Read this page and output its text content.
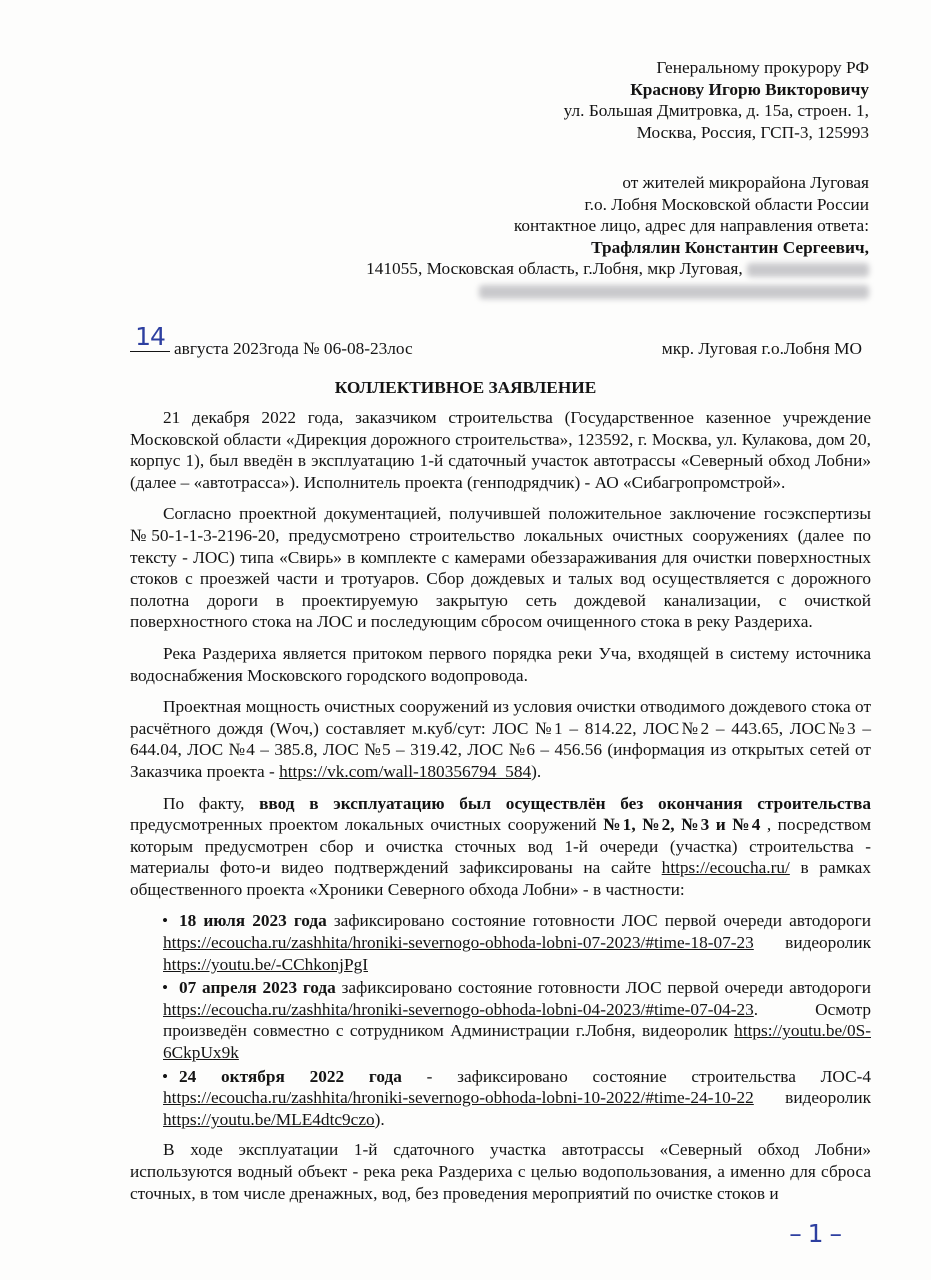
Генеральному прокурору РФ

Краснову Игорю Викторовичу

ул. Большая Дмитровка, д. 15а, строен. 1,

Москва, Россия, ГСП-3, 125993

от жителей микрорайона Луговая

г.о. Лобня Московской области России

контактное лицо, адрес для направления ответа:

Трафлялин Константин Сергеевич,

141055, Московская область, г.Лобня, мкр Луговая,

14 августа 2023года № 06-08-23лос	мкр. Луговая г.о.Лобня МО

КОЛЛЕКТИВНОЕ ЗАЯВЛЕНИЕ

21 декабря 2022 года, заказчиком строительства (Государственное казенное учреждение Московской области «Дирекция дорожного строительства», 123592, г. Москва, ул. Кулакова, дом 20, корпус 1), был введён в эксплуатацию 1-й сдаточный участок автотрассы «Северный обход Лобни» (далее – «автотрасса»). Исполнитель проекта (генподрядчик) - АО «Сибагропромстрой».

Согласно проектной документацией, получившей положительное заключение госэкспертизы №50-1-1-3-2196-20, предусмотрено строительство локальных очистных сооружениях (далее по тексту - ЛОС) типа «Свирь» в комплекте с камерами обеззараживания для очистки поверхностных стоков с проезжей части и тротуаров. Сбор дождевых и талых вод осуществляется с дорожного полотна дороги в проектируемую закрытую сеть дождевой канализации, с очисткой поверхностного стока на ЛОС и последующим сбросом очищенного стока в реку Раздериха.

Река Раздериха является притоком первого порядка реки Уча, входящей в систему источника водоснабжения Московского городского водопровода.

Проектная мощность очистных сооружений из условия очистки отводимого дождевого стока от расчётного дождя (Wоч,) составляет м.куб/сут: ЛОС №1 – 814.22, ЛОС№2 – 443.65, ЛОС№3 – 644.04, ЛОС №4 – 385.8, ЛОС №5 – 319.42, ЛОС №6 – 456.56 (информация из открытых сетей от Заказчика проекта - https://vk.com/wall-180356794_584).

По факту, ввод в эксплуатацию был осуществлён без окончания строительства предусмотренных проектом локальных очистных сооружений №1, №2, №3 и №4 , посредством которым предусмотрен сбор и очистка сточных вод 1-й очереди (участка) строительства - материалы фото-и видео подтверждений зафиксированы на сайте https://ecoucha.ru/ в рамках общественного проекта «Хроники Северного обхода Лобни» - в частности:

• 18 июля 2023 года зафиксировано состояние готовности ЛОС первой очереди автодороги https://ecoucha.ru/zashhita/hroniki-severnogo-obhoda-lobni-07-2023/#time-18-07-23 видеоролик https://youtu.be/-CChkonjPgI
• 07 апреля 2023 года зафиксировано состояние готовности ЛОС первой очереди автодороги https://ecoucha.ru/zashhita/hroniki-severnogo-obhoda-lobni-04-2023/#time-07-04-23. Осмотр произведён совместно с сотрудником Администрации г.Лобня, видеоролик https://youtu.be/0S-6CkpUx9k
• 24 октября 2022 года - зафиксировано состояние строительства ЛОС-4 https://ecoucha.ru/zashhita/hroniki-severnogo-obhoda-lobni-10-2022/#time-24-10-22 видеоролик https://youtu.be/MLE4dtc9czo).

В ходе эксплуатации 1-й сдаточного участка автотрассы «Северный обход Лобни» используются водный объект - река река Раздериха с целью водопользования, а именно для сброса сточных, в том числе дренажных, вод, без проведения мероприятий по очистке стоков и

– 1 –
